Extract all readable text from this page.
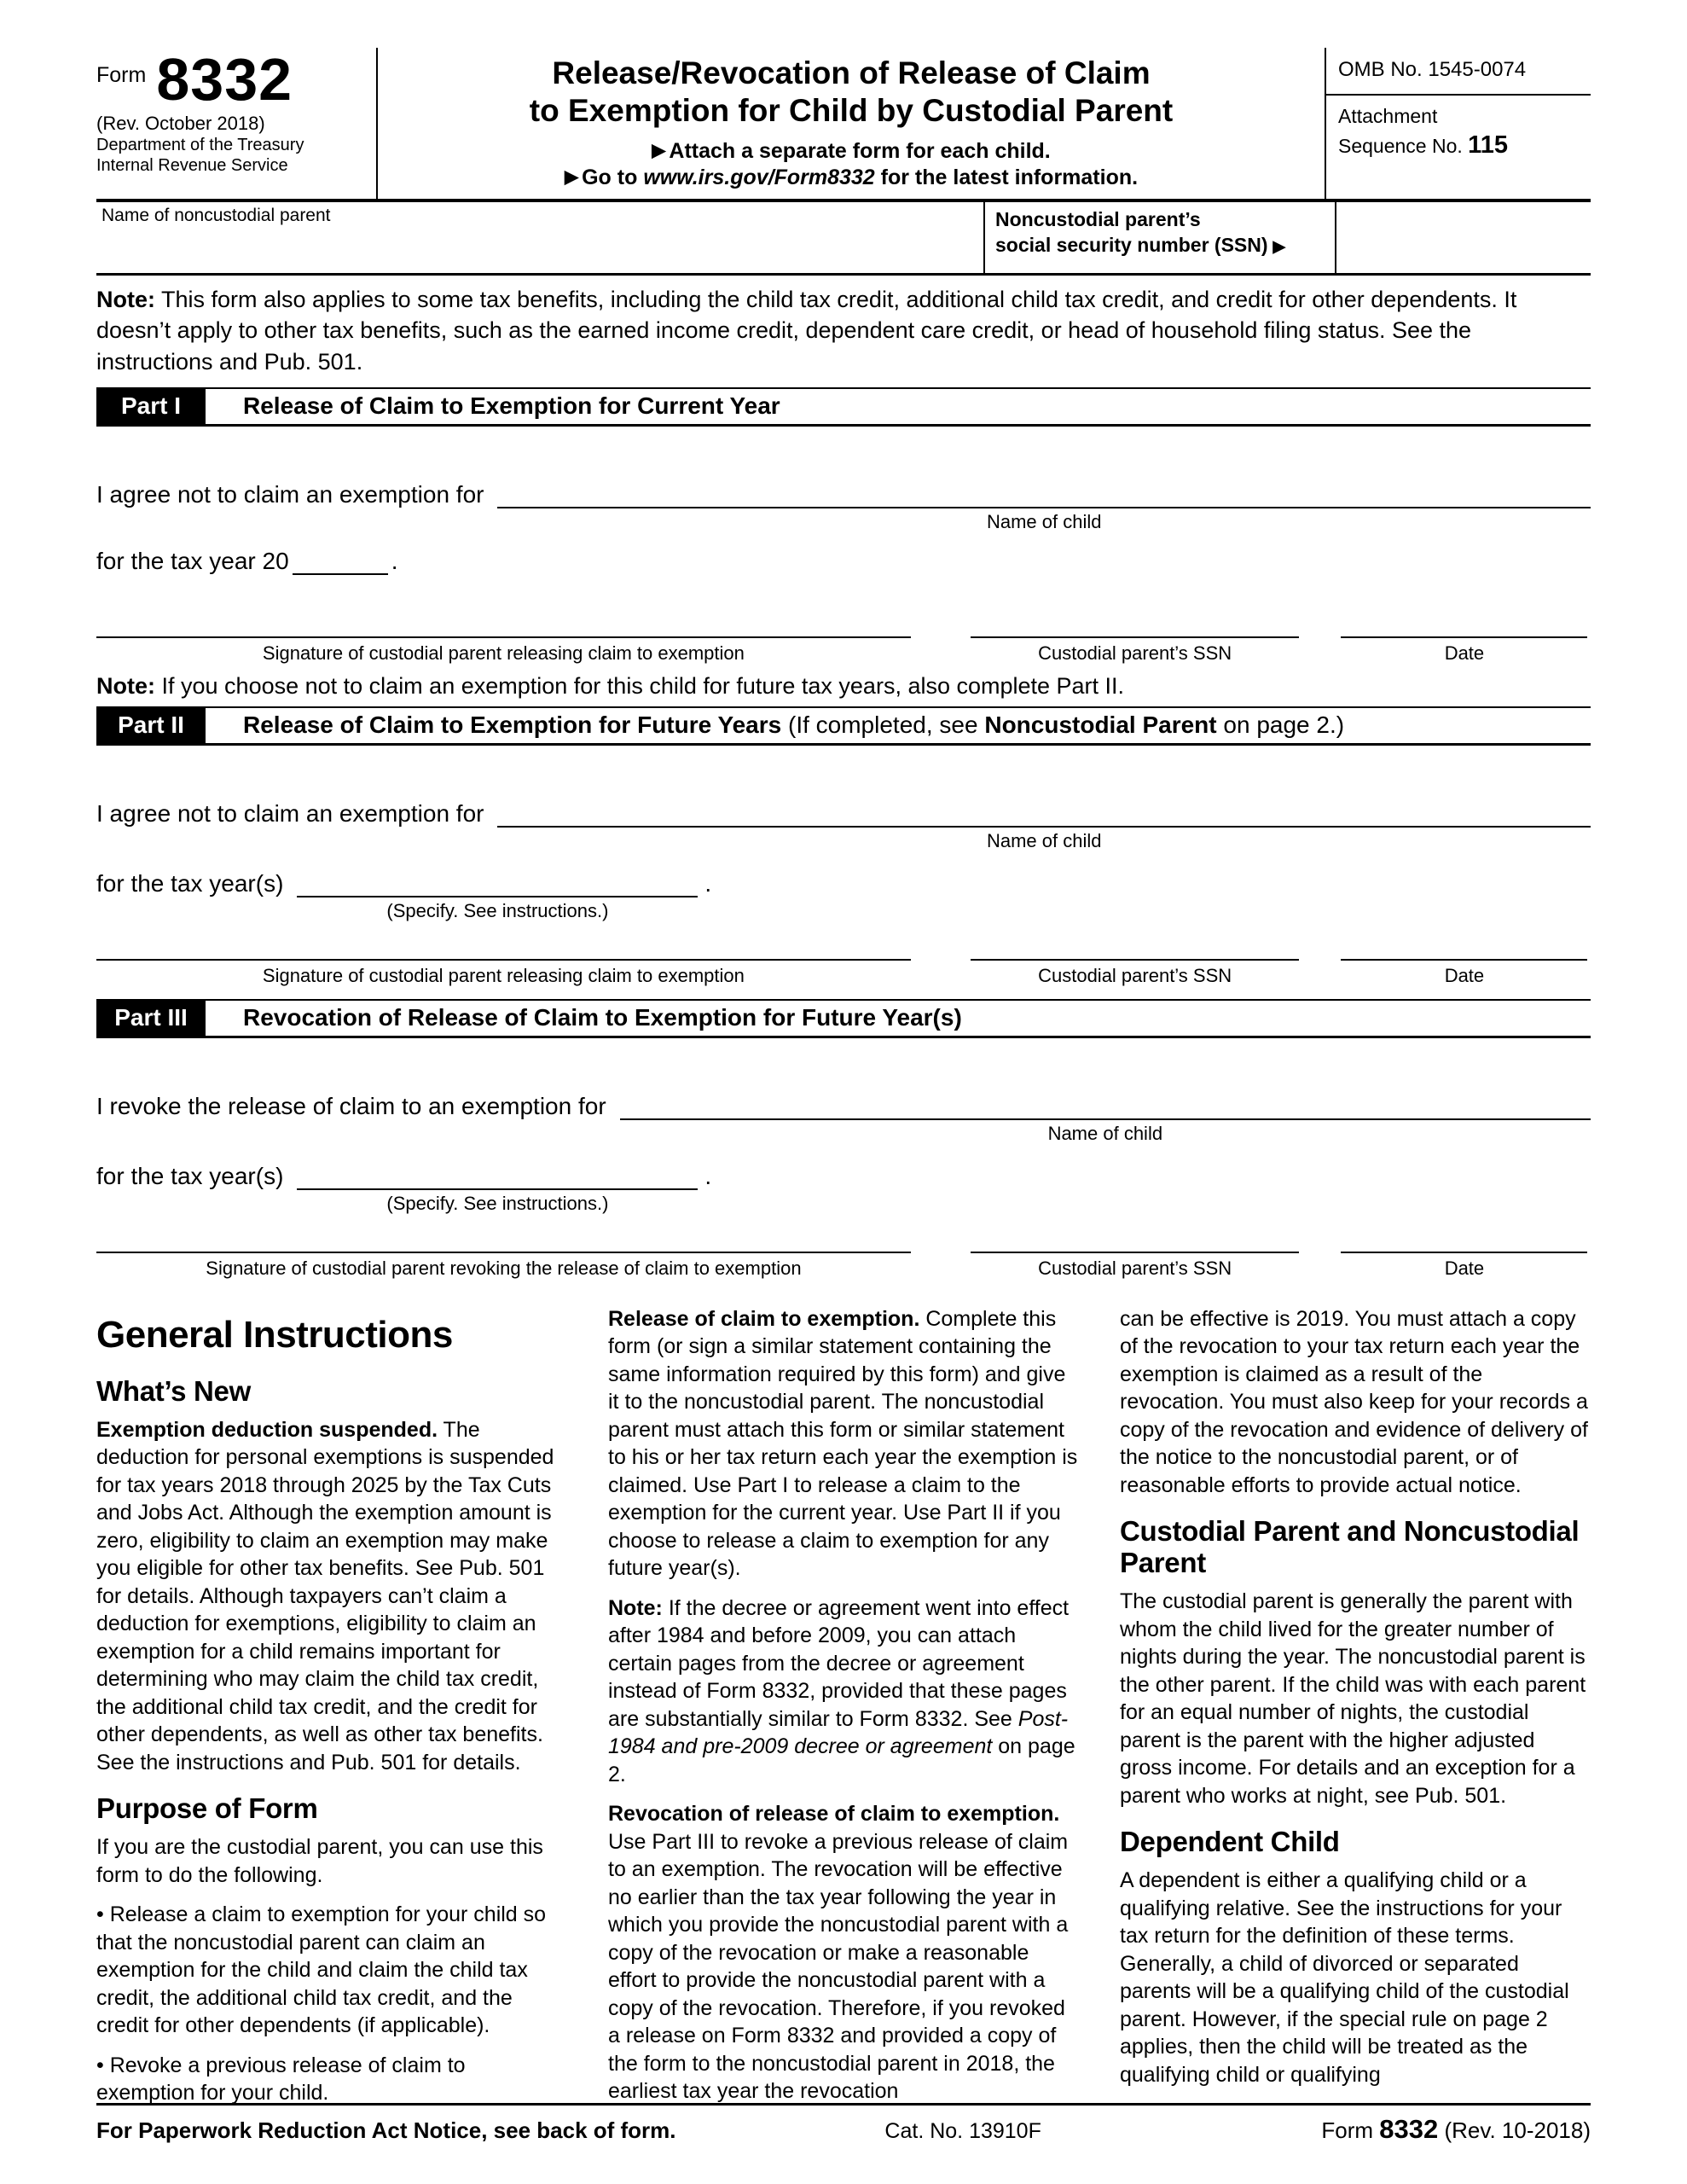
Form 8332
(Rev. October 2018)
Department of the Treasury
Internal Revenue Service
Release/Revocation of Release of Claim
to Exemption for Child by Custodial Parent
▶ Attach a separate form for each child.
▶ Go to www.irs.gov/Form8332 for the latest information.
OMB No. 1545-0074
Attachment
Sequence No. 115
Name of noncustodial parent	Noncustodial parent’s
social security number (SSN) ▶

Note: This form also applies to some tax benefits, including the child tax credit, additional child tax credit, and credit for other dependents. It doesn’t apply to other tax benefits, such as the earned income credit, dependent care credit, or head of household filing status. See the instructions and Pub. 501.

Part I	Release of Claim to Exemption for Current Year
I agree not to claim an exemption for
Name of child
for the tax year 20	.
Signature of custodial parent releasing claim to exemption	Custodial parent’s SSN	Date

Note: If you choose not to claim an exemption for this child for future tax years, also complete Part II.

Part II	Release of Claim to Exemption for Future Years (If completed, see Noncustodial Parent on page 2.)
I agree not to claim an exemption for
Name of child
for the tax year(s)
(Specify. See instructions.)
.
Signature of custodial parent releasing claim to exemption	Custodial parent’s SSN	Date
Part III	Revocation of Release of Claim to Exemption for Future Year(s)
I revoke the release of claim to an exemption for
Name of child
for the tax year(s)
(Specify. See instructions.)
.
Signature of custodial parent revoking the release of claim to exemption	Custodial parent’s SSN	Date
General Instructions
What’s New

Exemption deduction suspended. The deduction for personal exemptions is suspended for tax years 2018 through 2025 by the Tax Cuts and Jobs Act. Although the exemption amount is zero, eligibility to claim an exemption may make you eligible for other tax benefits. See Pub. 501 for details. Although taxpayers can’t claim a deduction for exemptions, eligibility to claim an exemption for a child remains important for determining who may claim the child tax credit, the additional child tax credit, and the credit for other dependents, as well as other tax benefits. See the instructions and Pub. 501 for details.

Purpose of Form

If you are the custodial parent, you can use this form to do the following.

• Release a claim to exemption for your child so that the noncustodial parent can claim an exemption for the child and claim the child tax credit, the additional child tax credit, and the credit for other dependents (if applicable).

• Revoke a previous release of claim to exemption for your child.

Release of claim to exemption. Complete this form (or sign a similar statement containing the same information required by this form) and give it to the noncustodial parent. The noncustodial parent must attach this form or similar statement to his or her tax return each year the exemption is claimed. Use Part I to release a claim to the exemption for the current year. Use Part II if you choose to release a claim to exemption for any future year(s).

Note: If the decree or agreement went into effect after 1984 and before 2009, you can attach certain pages from the decree or agreement instead of Form 8332, provided that these pages are substantially similar to Form 8332. See Post-1984 and pre-2009 decree or agreement on page 2.

Revocation of release of claim to exemption. Use Part III to revoke a previous release of claim to an exemption. The revocation will be effective no earlier than the tax year following the year in which you provide the noncustodial parent with a copy of the revocation or make a reasonable effort to provide the noncustodial parent with a copy of the revocation. Therefore, if you revoked a release on Form 8332 and provided a copy of the form to the noncustodial parent in 2018, the earliest tax year the revocation

can be effective is 2019. You must attach a copy of the revocation to your tax return each year the exemption is claimed as a result of the revocation. You must also keep for your records a copy of the revocation and evidence of delivery of the notice to the noncustodial parent, or of reasonable efforts to provide actual notice.

Custodial Parent and Noncustodial Parent

The custodial parent is generally the parent with whom the child lived for the greater number of nights during the year. The noncustodial parent is the other parent. If the child was with each parent for an equal number of nights, the custodial parent is the parent with the higher adjusted gross income. For details and an exception for a parent who works at night, see Pub. 501.

Dependent Child

A dependent is either a qualifying child or a qualifying relative. See the instructions for your tax return for the definition of these terms. Generally, a child of divorced or separated parents will be a qualifying child of the custodial parent. However, if the special rule on page 2 applies, then the child will be treated as the qualifying child or qualifying

For Paperwork Reduction Act Notice, see back of form.	Cat. No. 13910F	Form 8332 (Rev. 10-2018)
